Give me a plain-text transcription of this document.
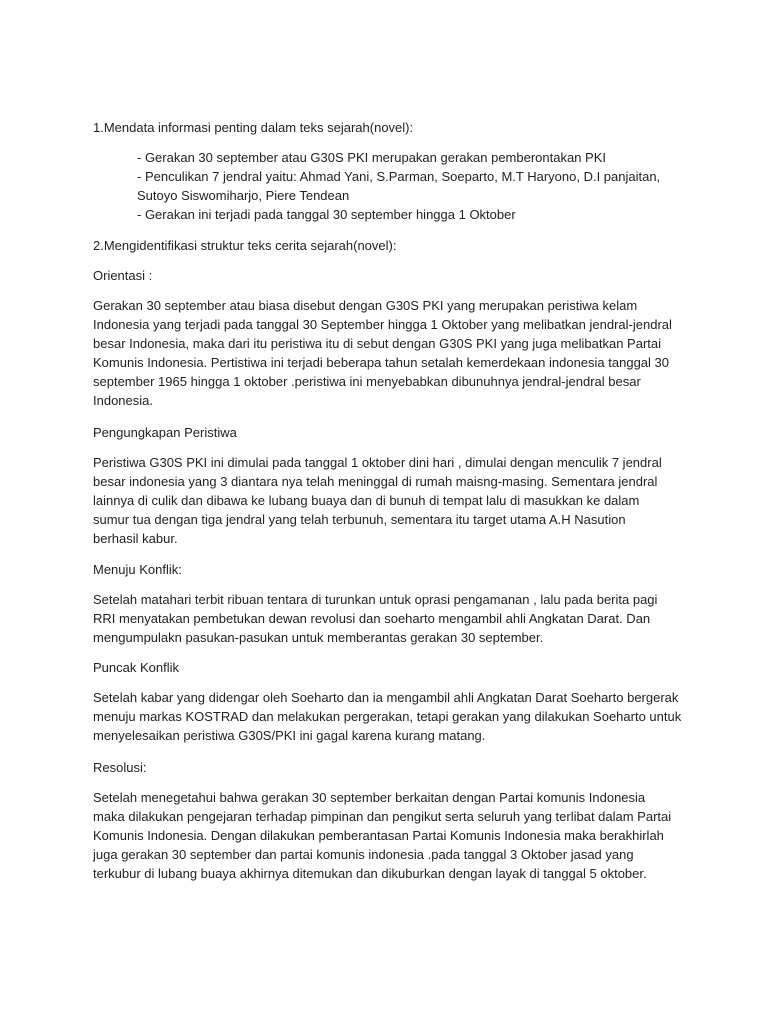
1.Mendata informasi penting dalam teks sejarah(novel):
- Gerakan 30 september atau G30S PKI merupakan gerakan pemberontakan PKI
- Penculikan 7 jendral yaitu: Ahmad Yani, S.Parman, Soeparto, M.T Haryono, D.I panjaitan,
Sutoyo Siswomiharjo, Piere Tendean
- Gerakan ini terjadi pada tanggal 30 september hingga 1 Oktober
2.Mengidentifikasi struktur teks cerita sejarah(novel):
Orientasi :
Gerakan 30 september atau biasa disebut dengan G30S PKI yang merupakan peristiwa kelam
Indonesia yang terjadi pada tanggal 30 September hingga 1 Oktober yang melibatkan jendral-jendral
besar Indonesia, maka dari itu peristiwa itu di sebut dengan G30S PKI yang juga melibatkan Partai
Komunis Indonesia. Pertistiwa ini terjadi beberapa tahun setalah kemerdekaan indonesia tanggal 30
september 1965 hingga 1 oktober .peristiwa ini menyebabkan dibunuhnya jendral-jendral besar
Indonesia.
Pengungkapan Peristiwa
Peristiwa G30S PKI ini dimulai pada tanggal 1 oktober dini hari , dimulai dengan menculik 7 jendral
besar indonesia yang 3 diantara nya telah meninggal di rumah maisng-masing. Sementara jendral
lainnya di culik dan dibawa ke lubang buaya dan di bunuh di tempat lalu di masukkan ke dalam
sumur tua dengan tiga jendral yang telah terbunuh, sementara itu target utama A.H Nasution
berhasil kabur.
Menuju Konflik:
Setelah matahari terbit ribuan tentara di turunkan untuk oprasi pengamanan , lalu pada berita pagi
RRI menyatakan pembetukan dewan revolusi dan soeharto mengambil ahli Angkatan Darat. Dan
mengumpulakn pasukan-pasukan untuk memberantas gerakan 30 september.
Puncak Konflik
Setelah kabar yang didengar oleh Soeharto dan ia mengambil ahli Angkatan Darat Soeharto bergerak
menuju markas KOSTRAD dan melakukan pergerakan, tetapi gerakan yang dilakukan Soeharto untuk
menyelesaikan peristiwa G30S/PKI ini gagal karena kurang matang.
Resolusi:
Setelah menegetahui bahwa gerakan 30 september berkaitan dengan Partai komunis Indonesia
maka dilakukan pengejaran terhadap pimpinan dan pengikut serta seluruh yang terlibat dalam Partai
Komunis Indonesia. Dengan dilakukan pemberantasan Partai Komunis Indonesia maka berakhirlah
juga gerakan 30 september dan partai komunis indonesia .pada tanggal 3 Oktober jasad yang
terkubur di lubang buaya akhirnya ditemukan dan dikuburkan dengan layak di tanggal 5 oktober.
